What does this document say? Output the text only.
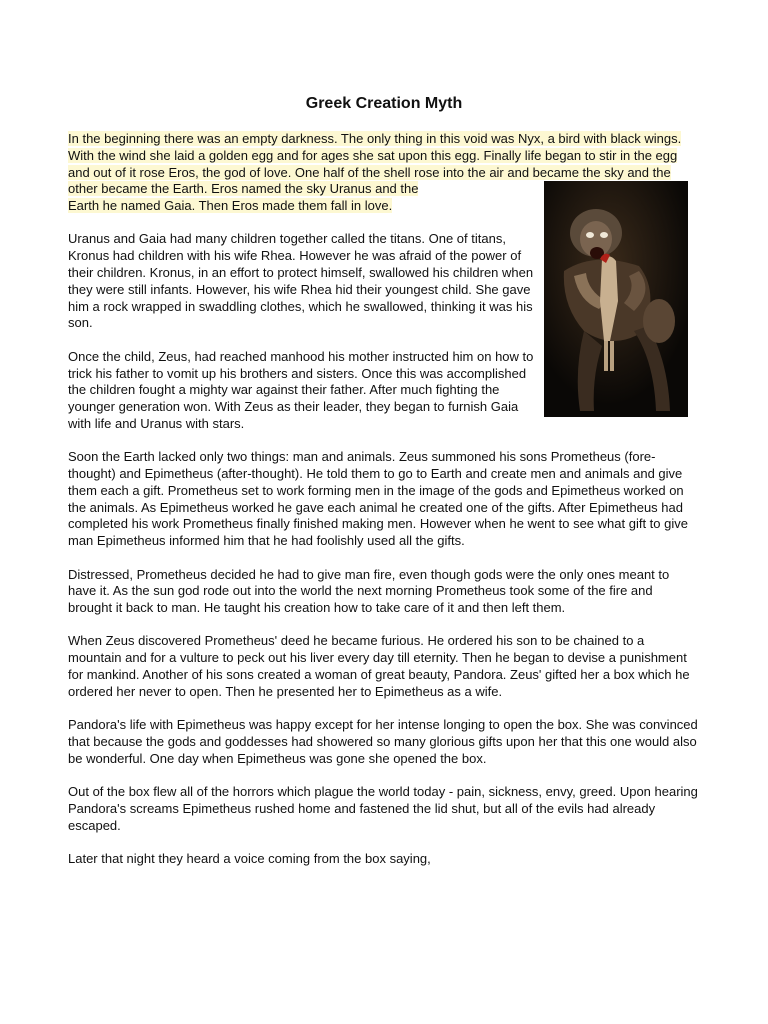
Greek Creation Myth

In the beginning there was an empty darkness. The only thing in this void was Nyx, a bird with black wings. With the wind she laid a golden egg and for ages she sat upon this egg. Finally life began to stir in the egg and out of it rose Eros, the god of love. One half of the shell rose into the air and became the sky and the other became the Earth. Eros named the sky Uranus and the

Earth he named Gaia. Then Eros made them fall in love.

Uranus and Gaia had many children together called the titans. One of titans, Kronus had children with his wife Rhea. However he was afraid of the power of their children. Kronus, in an effort to protect himself, swallowed his children when they were still infants. However, his wife Rhea hid their youngest child. She gave him a rock wrapped in swaddling clothes, which he swallowed, thinking it was his son.

Once the child, Zeus, had reached manhood his mother instructed him on how to trick his father to vomit up his brothers and sisters. Once this was accomplished the children fought a mighty war against their father. After much fighting the younger generation won. With Zeus as their leader, they began to furnish Gaia with life and Uranus with stars.

Soon the Earth lacked only two things: man and animals. Zeus summoned his sons Prometheus (fore-thought) and Epimetheus (after-thought). He told them to go to Earth and create men and animals and give them each a gift. Prometheus set to work forming men in the image of the gods and Epimetheus worked on the animals. As Epimetheus worked he gave each animal he created one of the gifts. After Epimetheus had completed his work Prometheus finally finished making men. However when he went to see what gift to give man Epimetheus informed him that he had foolishly used all the gifts.

Distressed, Prometheus decided he had to give man fire, even though gods were the only ones meant to have it. As the sun god rode out into the world the next morning Prometheus took some of the fire and brought it back to man. He taught his creation how to take care of it and then left them.

When Zeus discovered Prometheus' deed he became furious. He ordered his son to be chained to a mountain and for a vulture to peck out his liver every day till eternity. Then he began to devise a punishment for mankind. Another of his sons created a woman of great beauty, Pandora. Zeus' gifted her a box which he ordered her never to open. Then he presented her to Epimetheus as a wife.

Pandora's life with Epimetheus was happy except for her intense longing to open the box. She was convinced that because the gods and goddesses had showered so many glorious gifts upon her that this one would also be wonderful. One day when Epimetheus was gone she opened the box.

Out of the box flew all of the horrors which plague the world today - pain, sickness, envy, greed. Upon hearing Pandora's screams Epimetheus rushed home and fastened the lid shut, but all of the evils had already escaped.

Later that night they heard a voice coming from the box saying,
